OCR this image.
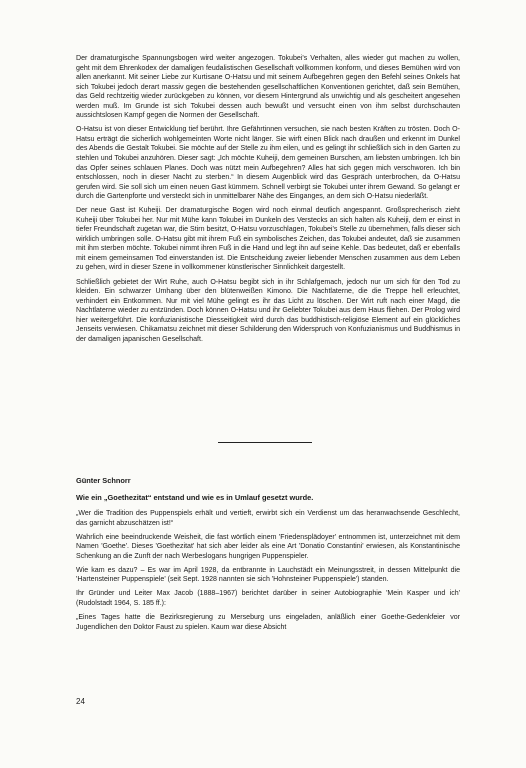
Der dramaturgische Spannungsbogen wird weiter angezogen. Tokubei's Verhalten, alles wieder gut machen zu wollen, geht mit dem Ehrenkodex der damaligen feudalistischen Gesellschaft vollkommen konform, und dieses Bemühen wird von allen anerkannt. Mit seiner Liebe zur Kurtisane O-Hatsu und mit seinem Aufbegehren gegen den Befehl seines Onkels hat sich Tokubei jedoch derart massiv gegen die bestehenden gesellschaftlichen Konventionen gerichtet, daß sein Bemühen, das Geld rechtzeitig wieder zurückgeben zu können, vor diesem Hintergrund als unwichtig und als gescheitert angesehen werden muß. Im Grunde ist sich Tokubei dessen auch bewußt und versucht einen von ihm selbst durchschauten aussichtslosen Kampf gegen die Normen der Gesellschaft.

O-Hatsu ist von dieser Entwicklung tief berührt. Ihre Gefährtinnen versuchen, sie nach besten Kräften zu trösten. Doch O-Hatsu erträgt die sicherlich wohlgemeinten Worte nicht länger. Sie wirft einen Blick nach draußen und erkennt im Dunkel des Abends die Gestalt Tokubei. Sie möchte auf der Stelle zu ihm eilen, und es gelingt ihr schließlich sich in den Garten zu stehlen und Tokubei anzuhören. Dieser sagt: „Ich möchte Kuheiji, dem gemeinen Burschen, am liebsten umbringen. Ich bin das Opfer seines schlauen Planes. Doch was nützt mein Aufbegehren? Alles hat sich gegen mich verschworen. Ich bin entschlossen, noch in dieser Nacht zu sterben.“ In diesem Augenblick wird das Gespräch unterbrochen, da O-Hatsu gerufen wird. Sie soll sich um einen neuen Gast kümmern. Schnell verbirgt sie Tokubei unter ihrem Gewand. So gelangt er durch die Gartenpforte und versteckt sich in unmittelbarer Nähe des Einganges, an dem sich O-Hatsu niederläßt.

Der neue Gast ist Kuheiji. Der dramaturgische Bogen wird noch einmal deutlich angespannt. Großsprecherisch zieht Kuheiji über Tokubei her. Nur mit Mühe kann Tokubei im Dunkeln des Verstecks an sich halten als Kuheiji, dem er einst in tiefer Freundschaft zugetan war, die Stirn besitzt, O-Hatsu vorzuschlagen, Tokubei's Stelle zu übernehmen, falls dieser sich wirklich umbringen solle. O-Hatsu gibt mit ihrem Fuß ein symbolisches Zeichen, das Tokubei andeutet, daß sie zusammen mit ihm sterben möchte. Tokubei nimmt ihren Fuß in die Hand und legt ihn auf seine Kehle. Das bedeutet, daß er ebenfalls mit einem gemeinsamen Tod einverstanden ist. Die Entscheidung zweier liebender Menschen zusammen aus dem Leben zu gehen, wird in dieser Szene in vollkommener künstlerischer Sinnlichkeit dargestellt.

Schließlich gebietet der Wirt Ruhe, auch O-Hatsu begibt sich in ihr Schlafgemach, jedoch nur um sich für den Tod zu kleiden. Ein schwarzer Umhang über den blütenweißen Kimono. Die Nachtlaterne, die die Treppe hell erleuchtet, verhindert ein Entkommen. Nur mit viel Mühe gelingt es ihr das Licht zu löschen. Der Wirt ruft nach einer Magd, die Nachtlaterne wieder zu entzünden. Doch können O-Hatsu und ihr Geliebter Tokubei aus dem Haus fliehen. Der Prolog wird hier weitergeführt. Die konfuzianistische Diesseitigkeit wird durch das buddhistisch-religiöse Element auf ein glückliches Jenseits verwiesen. Chikamatsu zeichnet mit dieser Schilderung den Widerspruch von Konfuzianismus und Buddhismus in der damaligen japanischen Gesellschaft.

Günter Schnorr

Wie ein „Goethezitat“ entstand und wie es in Umlauf gesetzt wurde.

„Wer die Tradition des Puppenspiels erhält und vertieft, erwirbt sich ein Verdienst um das heranwachsende Geschlecht, das garnicht abzuschätzen ist!“

Wahrlich eine beeindruckende Weisheit, die fast wörtlich einem 'Friedensplädoyer' entnommen ist, unterzeichnet mit dem Namen 'Goethe'. Dieses 'Goethezitat' hat sich aber leider als eine Art 'Donatio Constantini' erwiesen, als Konstantinische Schenkung an die Zunft der nach Werbeslogans hungrigen Puppenspieler.

Wie kam es dazu? – Es war im April 1928, da entbrannte in Lauchstädt ein Meinungsstreit, in dessen Mittelpunkt die 'Hartensteiner Puppenspiele' (seit Sept. 1928 nannten sie sich 'Hohnsteiner Puppenspiele') standen.

Ihr Gründer und Leiter Max Jacob (1888–1967) berichtet darüber in seiner Autobiographie 'Mein Kasper und ich' (Rudolstadt 1964, S. 185 ff.):

„Eines Tages hatte die Bezirksregierung zu Merseburg uns eingeladen, anläßlich einer Goethe-Gedenkfeier vor Jugendlichen den Doktor Faust zu spielen. Kaum war diese Absicht

24
